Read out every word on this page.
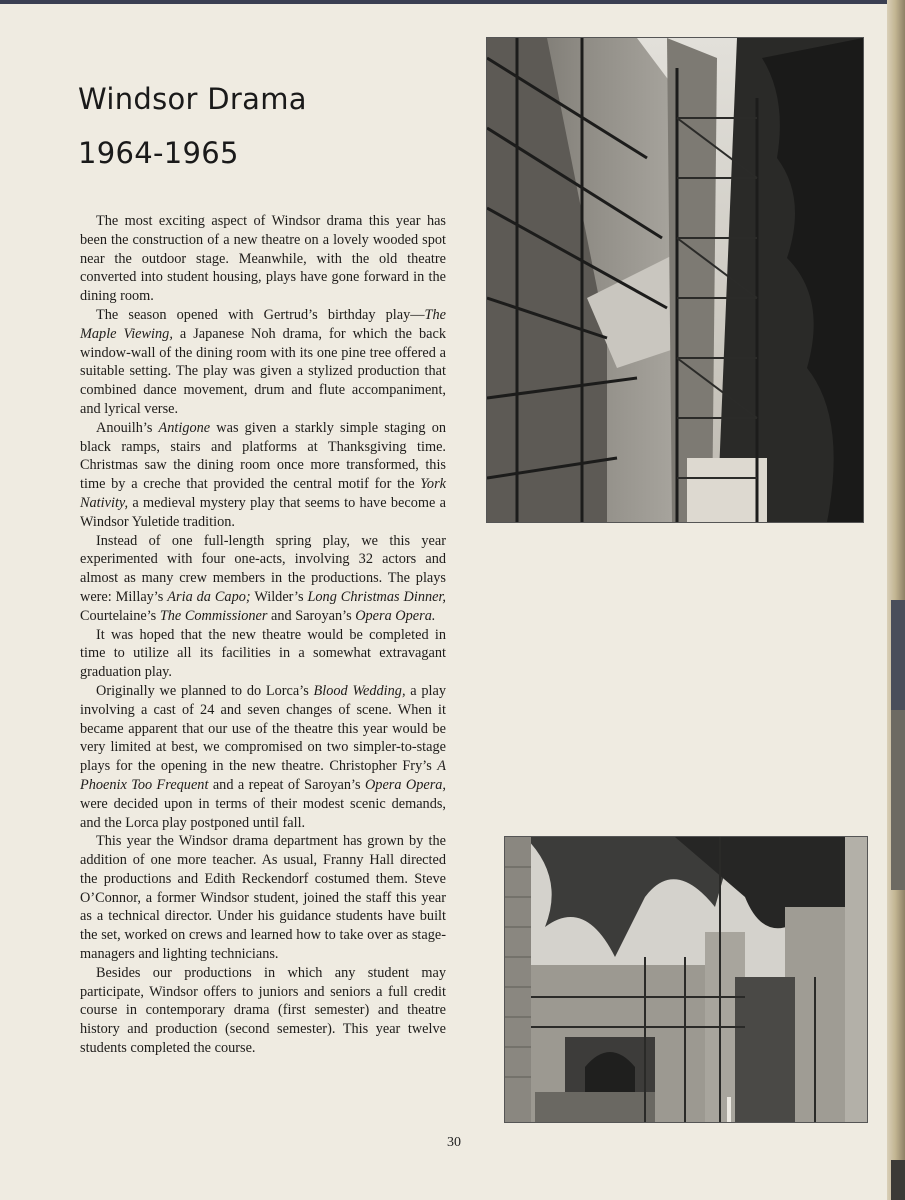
Windsor Drama
1964-1965

The most exciting aspect of Windsor drama this year has been the construction of a new theatre on a lovely wooded spot near the outdoor stage. Meanwhile, with the old theatre converted into student housing, plays have gone forward in the dining room.

The season opened with Gertrud’s birthday play—The Maple Viewing, a Japanese Noh drama, for which the back window-wall of the dining room with its one pine tree offered a suitable setting. The play was given a stylized production that combined dance movement, drum and flute accompaniment, and lyrical verse.

Anouilh’s Antigone was given a starkly simple staging on black ramps, stairs and platforms at Thanksgiving time. Christmas saw the dining room once more transformed, this time by a creche that provided the central motif for the York Nativity, a medieval mystery play that seems to have become a Windsor Yuletide tradition.

Instead of one full-length spring play, we this year experimented with four one-acts, involving 32 actors and almost as many crew members in the productions. The plays were: Millay’s Aria da Capo; Wilder’s Long Christmas Dinner, Courtelaine’s The Commissioner and Saroyan’s Opera Opera.

It was hoped that the new theatre would be completed in time to utilize all its facilities in a somewhat extravagant graduation play.

Originally we planned to do Lorca’s Blood Wedding, a play involving a cast of 24 and seven changes of scene. When it became apparent that our use of the theatre this year would be very limited at best, we compromised on two simpler-to-stage plays for the opening in the new theatre. Christopher Fry’s A Phoenix Too Frequent and a repeat of Saroyan’s Opera Opera, were decided upon in terms of their modest scenic demands, and the Lorca play postponed until fall.

This year the Windsor drama department has grown by the addition of one more teacher. As usual, Franny Hall directed the productions and Edith Reckendorf costumed them. Steve O’Connor, a former Windsor student, joined the staff this year as a technical director. Under his guidance students have built the set, worked on crews and learned how to take over as stage-managers and lighting technicians.

Besides our productions in which any student may participate, Windsor offers to juniors and seniors a full credit course in contemporary drama (first semester) and theatre history and production (second semester). This year twelve students completed the course.

30
